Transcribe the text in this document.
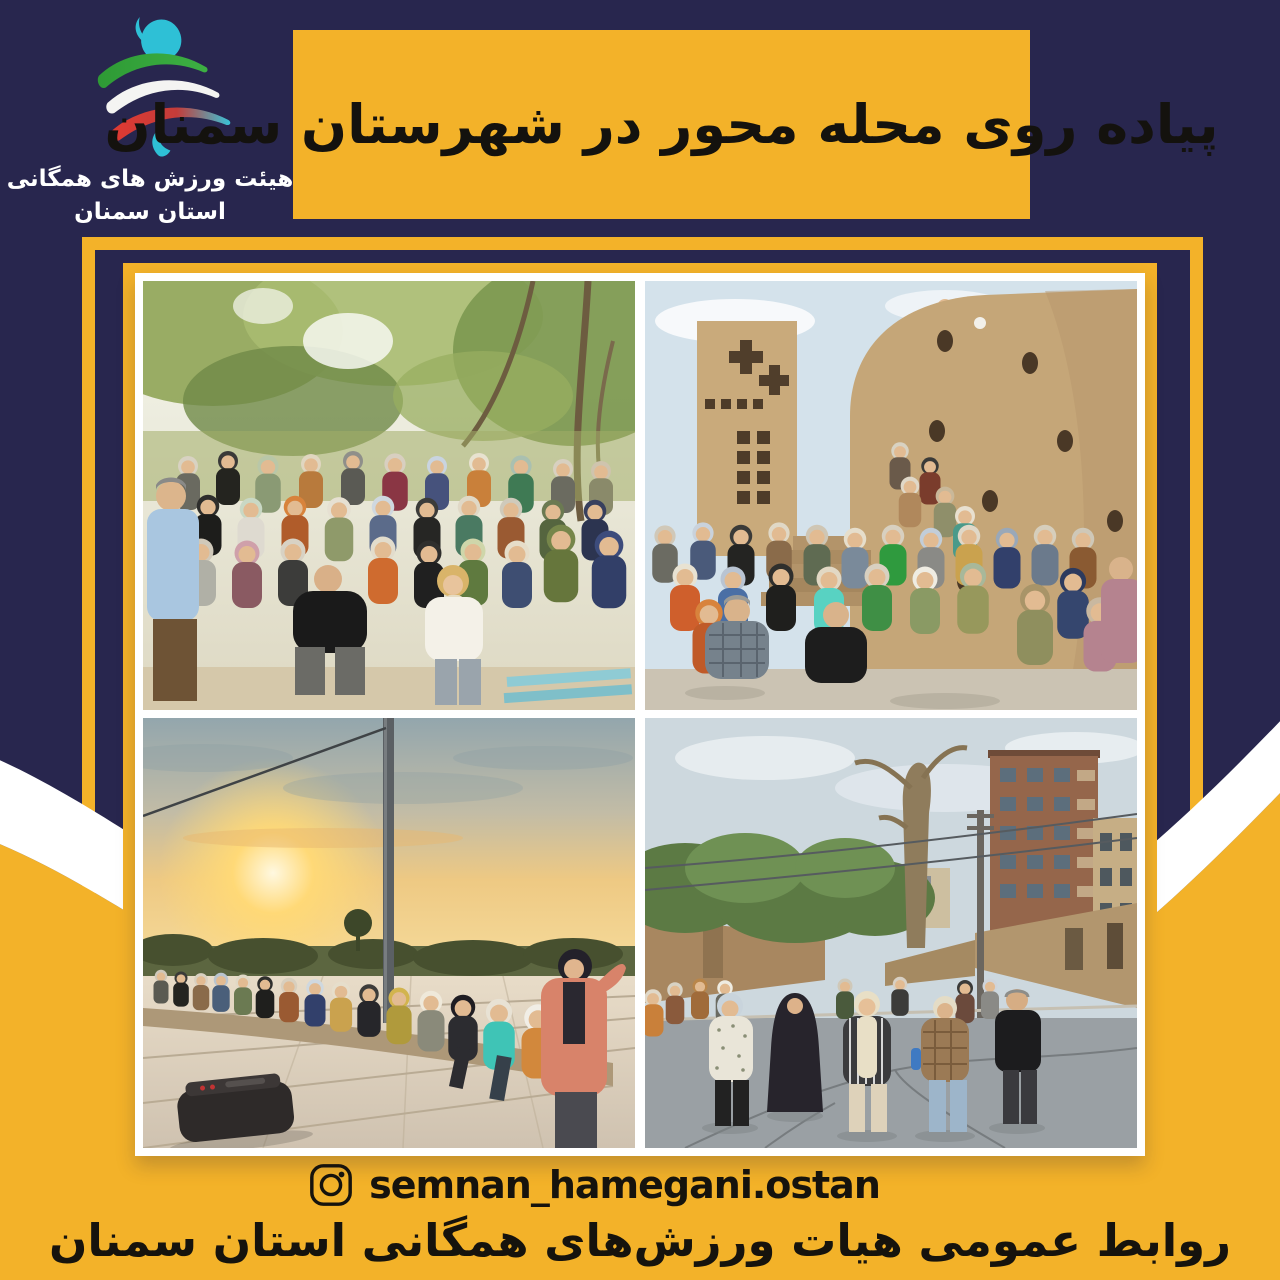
هیئت ورزش های همگانی
استان سمنان
پیاده روی محله محور در شهرستان سمنان
semnan_hamegani.ostan
روابط عمومی هیات ورزش‌های همگانی استان سمنان
